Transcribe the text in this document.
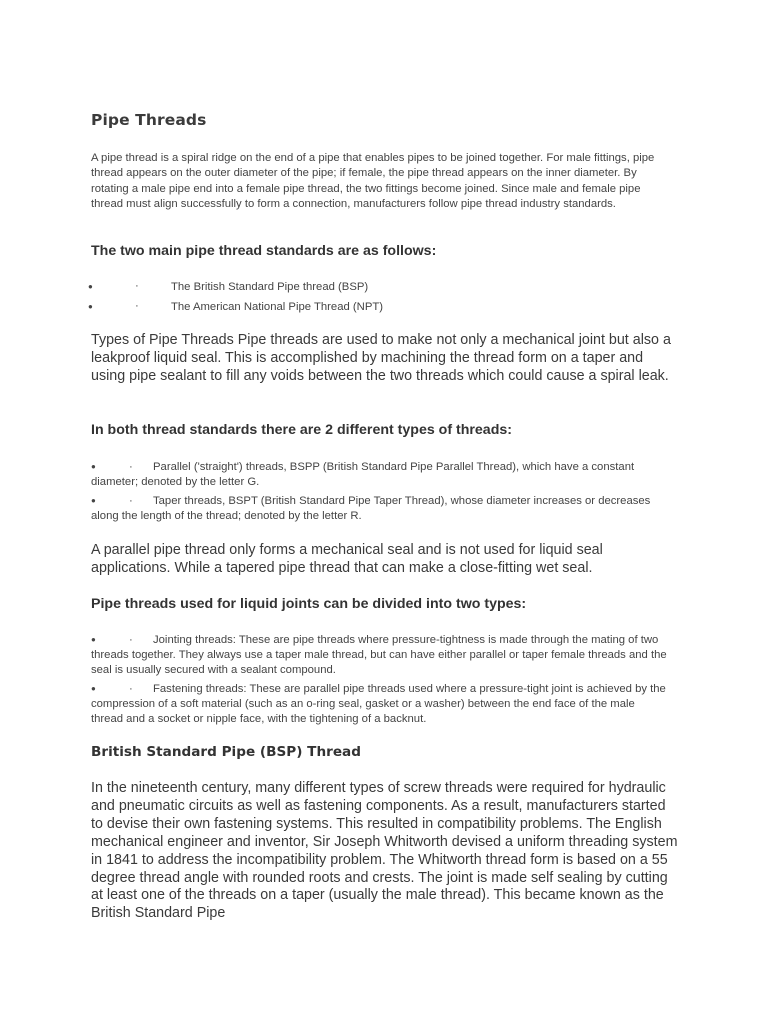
Pipe Threads

A pipe thread is a spiral ridge on the end of a pipe that enables pipes to be joined together. For male fittings, pipe thread appears on the outer diameter of the pipe; if female, the pipe thread appears on the inner diameter. By rotating a male pipe end into a female pipe thread, the two fittings become joined. Since male and female pipe thread must align successfully to form a connection, manufacturers follow pipe thread industry standards.

The two main pipe thread standards are as follows:
●	·	The British Standard Pipe thread (BSP)
●	·	The American National Pipe Thread (NPT)

Types of Pipe Threads Pipe threads are used to make not only a mechanical joint but also a leakproof liquid seal. This is accomplished by machining the thread form on a taper and using pipe sealant to fill any voids between the two threads which could cause a spiral leak.

In both thread standards there are 2 different types of threads:

●	· Parallel ('straight') threads, BSPP (British Standard Pipe Parallel Thread), which have a constant diameter; denoted by the letter G.

●	· Taper threads, BSPT (British Standard Pipe Taper Thread), whose diameter increases or decreases along the length of the thread; denoted by the letter R.

A parallel pipe thread only forms a mechanical seal and is not used for liquid seal applications. While a tapered pipe thread that can make a close-fitting wet seal.

Pipe threads used for liquid joints can be divided into two types:

●	· Jointing threads: These are pipe threads where pressure-tightness is made through the mating of two threads together. They always use a taper male thread, but can have either parallel or taper female threads and the seal is usually secured with a sealant compound.

●	· Fastening threads: These are parallel pipe threads used where a pressure-tight joint is achieved by the compression of a soft material (such as an o-ring seal, gasket or a washer) between the end face of the male thread and a socket or nipple face, with the tightening of a backnut.

British Standard Pipe (BSP) Thread

In the nineteenth century, many different types of screw threads were required for hydraulic and pneumatic circuits as well as fastening components. As a result, manufacturers started to devise their own fastening systems. This resulted in compatibility problems. The English mechanical engineer and inventor, Sir Joseph Whitworth devised a uniform threading system in 1841 to address the incompatibility problem. The Whitworth thread form is based on a 55 degree thread angle with rounded roots and crests. The joint is made self sealing by cutting at least one of the threads on a taper (usually the male thread). This became known as the British Standard Pipe
